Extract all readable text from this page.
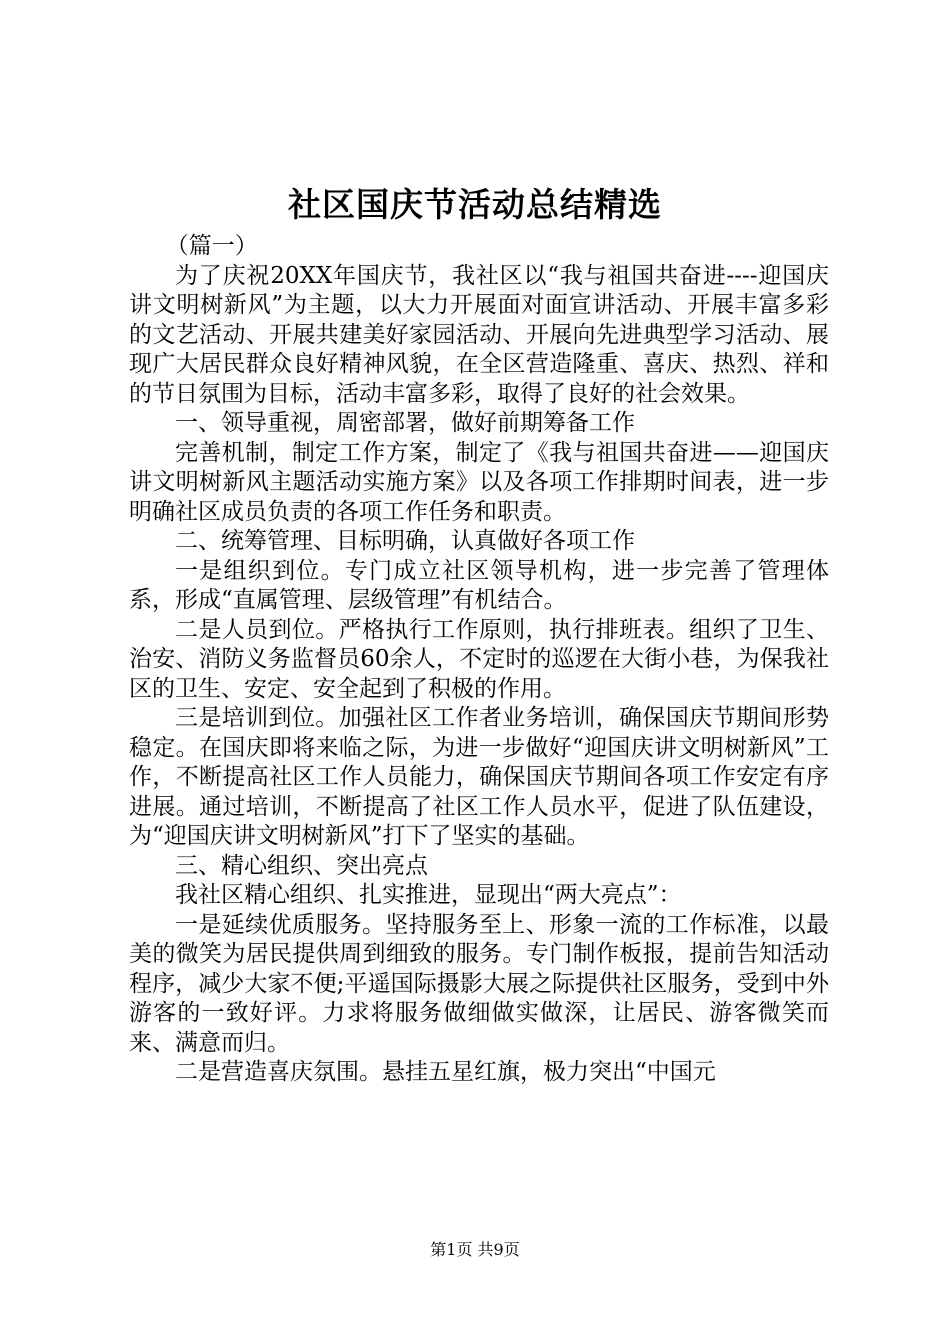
社区国庆节活动总结精选

（篇一）

为了庆祝20XX年国庆节，我社区以“我与祖国共奋进----迎国庆讲文明树新风”为主题，以大力开展面对面宣讲活动、开展丰富多彩的文艺活动、开展共建美好家园活动、开展向先进典型学习活动、展现广大居民群众良好精神风貌，在全区营造隆重、喜庆、热烈、祥和的节日氛围为目标，活动丰富多彩，取得了良好的社会效果。

一、领导重视，周密部署，做好前期筹备工作

完善机制，制定工作方案，制定了《我与祖国共奋进——迎国庆讲文明树新风主题活动实施方案》以及各项工作排期时间表，进一步明确社区成员负责的各项工作任务和职责。

二、统筹管理、目标明确，认真做好各项工作

一是组织到位。专门成立社区领导机构，进一步完善了管理体系，形成“直属管理、层级管理”有机结合。

二是人员到位。严格执行工作原则，执行排班表。组织了卫生、治安、消防义务监督员60余人，不定时的巡逻在大街小巷，为保我社区的卫生、安定、安全起到了积极的作用。

三是培训到位。加强社区工作者业务培训，确保国庆节期间形势稳定。在国庆即将来临之际，为进一步做好“迎国庆讲文明树新风”工作，不断提高社区工作人员能力，确保国庆节期间各项工作安定有序进展。通过培训，不断提高了社区工作人员水平，促进了队伍建设，为“迎国庆讲文明树新风”打下了坚实的基础。

三、精心组织、突出亮点

我社区精心组织、扎实推进，显现出“两大亮点”：

一是延续优质服务。坚持服务至上、形象一流的工作标准，以最美的微笑为居民提供周到细致的服务。专门制作板报，提前告知活动程序，减少大家不便;平遥国际摄影大展之际提供社区服务，受到中外游客的一致好评。力求将服务做细做实做深，让居民、游客微笑而来、满意而归。

二是营造喜庆氛围。悬挂五星红旗，极力突出“中国元

第1页 共9页
